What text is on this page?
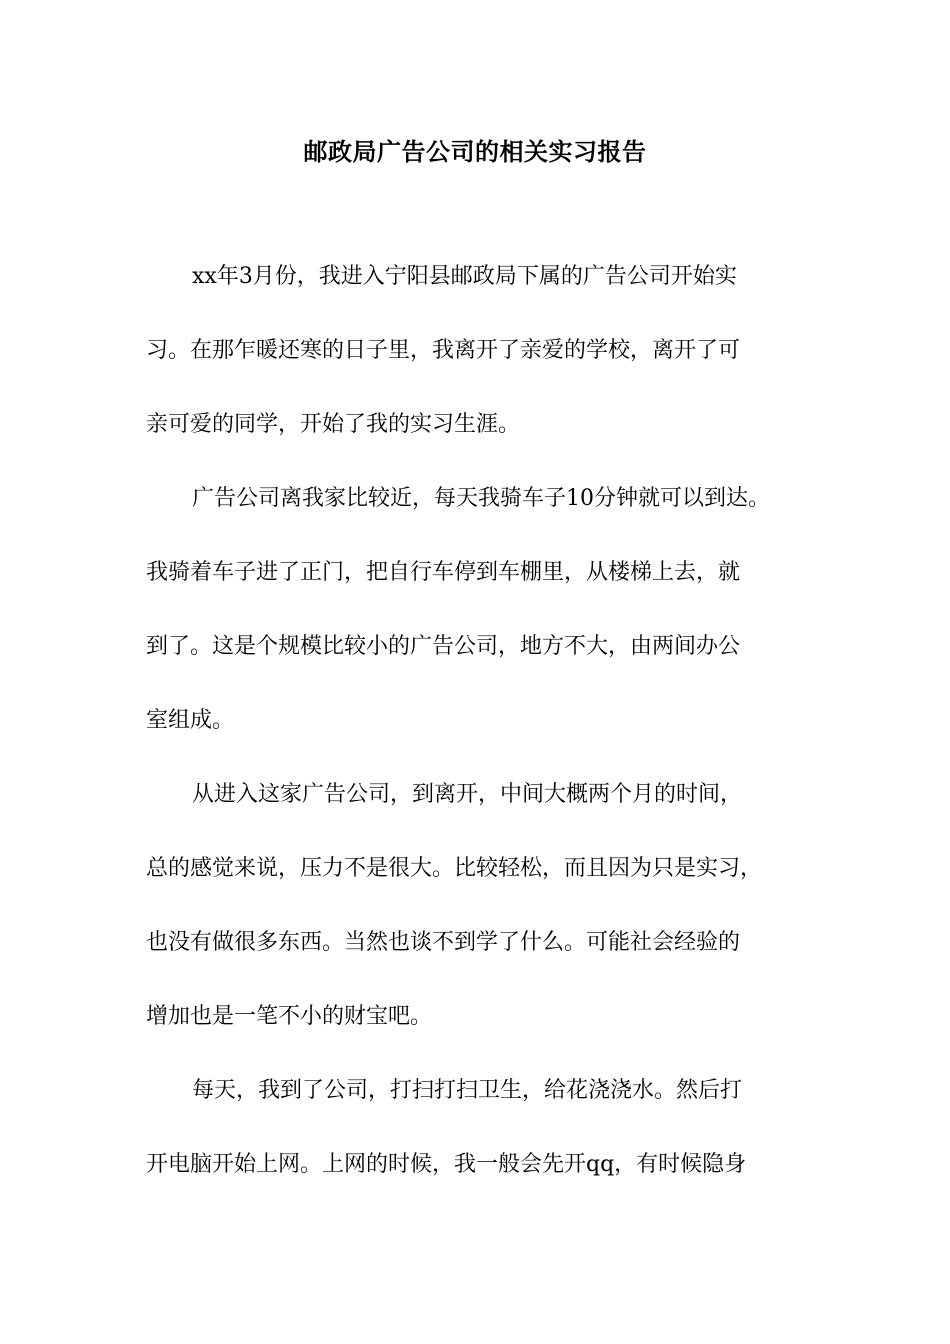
邮政局广告公司的相关实习报告
xx年3月份，我进入宁阳县邮政局下属的广告公司开始实
习。在那乍暖还寒的日子里，我离开了亲爱的学校，离开了可
亲可爱的同学，开始了我的实习生涯。
广告公司离我家比较近，每天我骑车子10分钟就可以到达。
我骑着车子进了正门，把自行车停到车棚里，从楼梯上去，就
到了。这是个规模比较小的广告公司，地方不大，由两间办公
室组成。
从进入这家广告公司，到离开，中间大概两个月的时间，
总的感觉来说，压力不是很大。比较轻松，而且因为只是实习，
也没有做很多东西。当然也谈不到学了什么。可能社会经验的
增加也是一笔不小的财宝吧。
每天，我到了公司，打扫打扫卫生，给花浇浇水。然后打
开电脑开始上网。上网的时候，我一般会先开qq，有时候隐身
